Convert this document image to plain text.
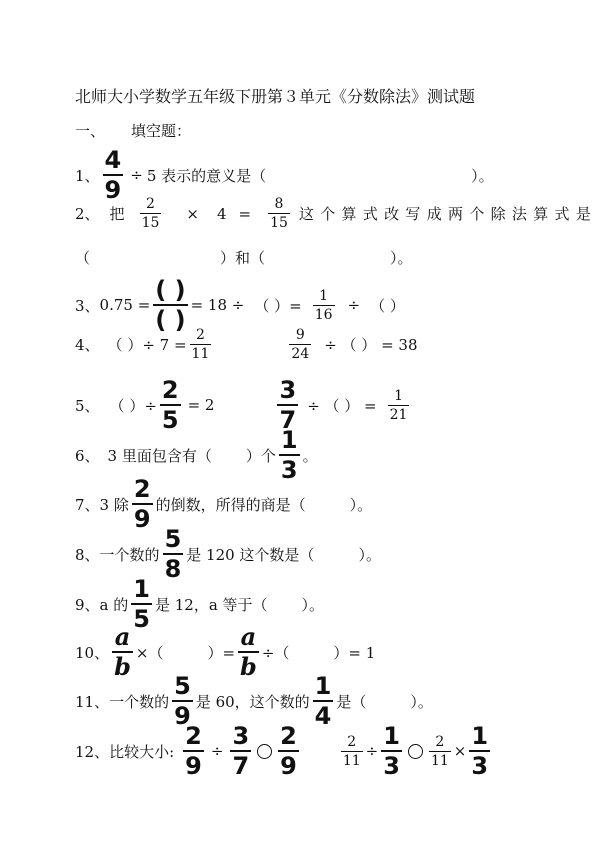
北师大小学数学五年级下册第３单元《分数除法》测试题
一、 填空题：
1、 $\frac{4}{9} \div 5$ 表示的意义是（	）。
2、 把 $\frac{2}{15} \times 4 = \frac{8}{15}$ 这个算式改写成两个除法算式是
（	）和（	）。
3、 $0.75 = \frac{( )}{( )} = 18$ ÷ （ ）= $\frac{1}{16}$ ÷ （ ）
4、 （ ）÷ $7 = \frac{2}{11}$	$\frac{9}{24}$ ÷ （ ） = 38
5、 （ ）÷ $\frac{2}{5} = 2$	$\frac{3}{7}$ ÷ （ ） = $\frac{1}{21}$
6、 3 里面包含有（ ）个 $\frac{1}{3}$ 。
7、 3 除 $\frac{2}{9}$ 的倒数，所得的商是（	）。
8、 一个数的 $\frac{5}{8}$ 是 120 这个数是（	）。
9、 a 的 $\frac{1}{5}$ 是 12，a 等于（ ）。
10、 $\frac{a}{b}$ ×（	）= $\frac{a}{b}$ ÷（	）= 1
11、 一个数的 $\frac{5}{9}$ 是 60，这个数的 $\frac{1}{4}$ 是（	）。
12、 比较大小: $\frac{2}{9} \div \frac{3}{7} \frac{2}{9}$	$\frac{2}{11} \div \frac{1}{3} \frac{2}{11} \times \frac{1}{3}$
